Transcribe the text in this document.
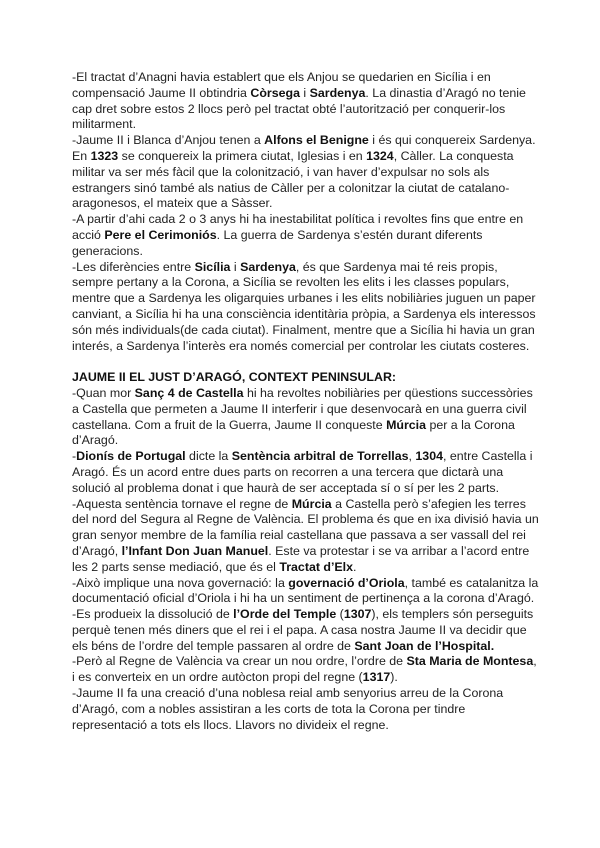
-El tractat d’Anagni havia establert que els Anjou se quedarien en Sicília i en compensació Jaume II obtindria Còrsega i Sardenya. La dinastia d’Aragó no tenie cap dret sobre estos 2 llocs però pel tractat obté l’autorització per conquerir-los militarment.

-Jaume II i Blanca d’Anjou tenen a Alfons el Benigne i és qui conquereix Sardenya. En 1323 se conquereix la primera ciutat, Iglesias i en 1324, Càller. La conquesta militar va ser més fàcil que la colonització, i van haver d’expulsar no sols als estrangers sinó també als natius de Càller per a colonitzar la ciutat de catalano-aragonesos, el mateix que a Sàsser.

-A partir d’ahi cada 2 o 3 anys hi ha inestabilitat política i revoltes fins que entre en acció Pere el Cerimoniós. La guerra de Sardenya s’estén durant diferents generacions.

-Les diferències entre Sicília i Sardenya, és que Sardenya mai té reis propis, sempre pertany a la Corona, a Sicília se revolten les elits i les classes populars, mentre que a Sardenya les oligarquies urbanes i les elits nobiliàries juguen un paper canviant, a Sicília hi ha una consciència identitària pròpia, a Sardenya els interessos són més individuals(de cada ciutat). Finalment, mentre que a Sicília hi havia un gran interés, a Sardenya l’interès era només comercial per controlar les ciutats costeres.

JAUME II EL JUST D’ARAGÓ, CONTEXT PENINSULAR:

-Quan mor Sanç 4 de Castella hi ha revoltes nobiliàries per qüestions successòries a Castella que permeten a Jaume II interferir i que desenvocarà en una guerra civil castellana. Com a fruit de la Guerra, Jaume II conqueste Múrcia per a la Corona d’Aragó.

-Dionís de Portugal dicte la Sentència arbitral de Torrellas, 1304, entre Castella i Aragó. És un acord entre dues parts on recorren a una tercera que dictarà una solució al problema donat i que haurà de ser acceptada sí o sí per les 2 parts.

-Aquesta sentència tornave el regne de Múrcia a Castella però s’afegien les terres del nord del Segura al Regne de València. El problema és que en ixa divisió havia un gran senyor membre de la família reial castellana que passava a ser vassall del rei d’Aragó, l’Infant Don Juan Manuel. Este va protestar i se va arribar a l’acord entre les 2 parts sense mediació, que és el Tractat d’Elx.

-Això implique una nova governació: la governació d’Oriola, també es catalanitza la documentació oficial d’Oriola i hi ha un sentiment de pertinença a la corona d’Aragó.

-Es produeix la dissolució de l’Orde del Temple (1307), els templers són perseguits perquè tenen més diners que el rei i el papa. A casa nostra Jaume II va decidir que els béns de l’ordre del temple passaren al ordre de Sant Joan de l’Hospital.

-Però al Regne de València va crear un nou ordre, l’ordre de Sta Maria de Montesa, i es converteix en un ordre autòcton propi del regne (1317).

-Jaume II fa una creació d’una noblesa reial amb senyorius arreu de la Corona d’Aragó, com a nobles assistiran a les corts de tota la Corona per tindre representació a tots els llocs. Llavors no divideix el regne.
